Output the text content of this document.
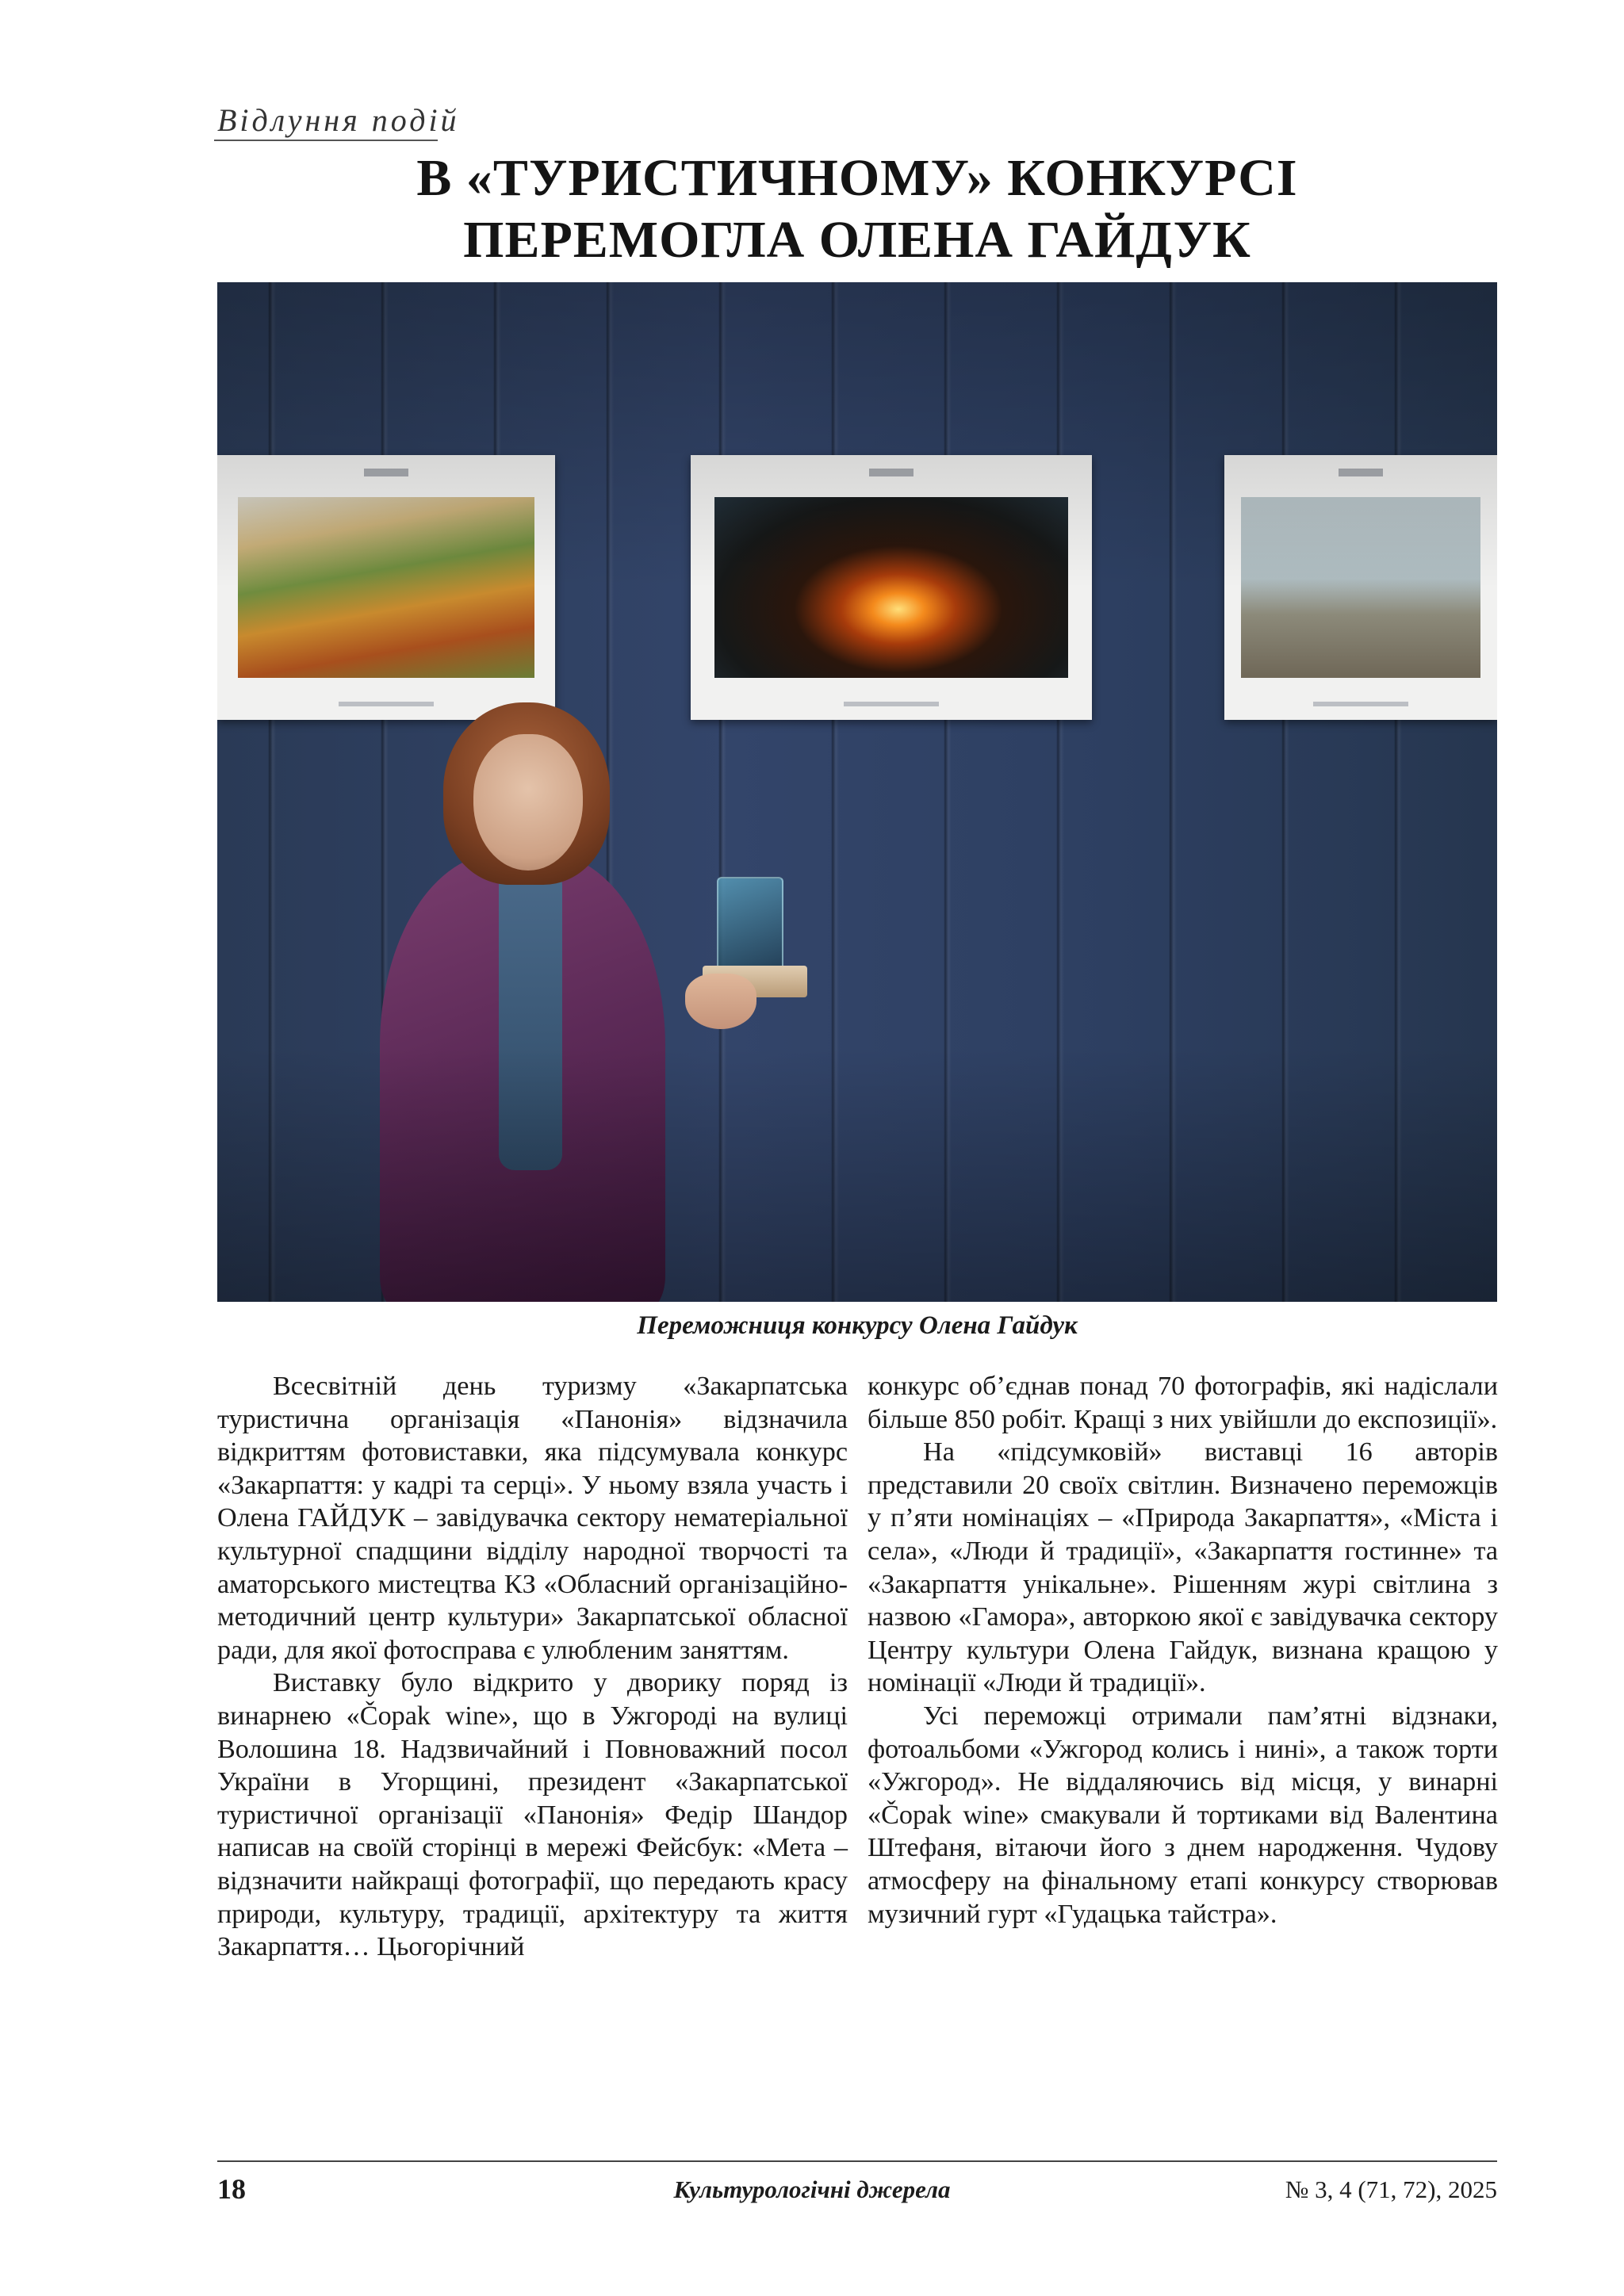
Відлуння подій
В «ТУРИСТИЧНОМУ» КОНКУРСІ
ПЕРЕМОГЛА ОЛЕНА ГАЙДУК
Переможниця конкурсу Олена Гайдук

Всесвітній день туризму «Закарпатська туристична організація «Панонія» відзначила відкриттям фотовиставки, яка підсумувала конкурс «Закарпаття: у кадрі та серці». У ньому взяла участь і Олена ГАЙДУК – завідувачка сектору нематеріальної культурної спадщини відділу народної творчості та аматорського мистецтва КЗ «Обласний організаційно-методичний центр культури» Закарпатської обласної ради, для якої фотосправа є улюбленим заняттям.

Виставку було відкрито у дворику поряд із винарнею «Čopak wine», що в Ужгороді на вулиці Волошина 18. Надзвичайний і Повноважний посол України в Угорщині, президент «Закарпатської туристичної організації «Панонія» Федір Шандор написав на своїй сторінці в мережі Фейсбук: «Мета – відзначити найкращі фотографії, що передають красу природи, культуру, традиції, архітектуру та життя Закарпаття… Цьогорічний

конкурс об’єднав понад 70 фотографів, які надіслали більше 850 робіт. Кращі з них увійшли до експозиції».

На «підсумковій» виставці 16 авторів представили 20 своїх світлин. Визначено переможців у п’яти номінаціях – «Природа Закарпаття», «Міста і села», «Люди й традиції», «Закарпаття гостинне» та «Закарпаття унікальне». Рішенням журі світлина з назвою «Гамора», авторкою якої є завідувачка сектору Центру культури Олена Гайдук, визнана кращою у номінації «Люди й традиції».

Усі переможці отримали пам’ятні відзнаки, фотоальбоми «Ужгород колись і нині», а також торти «Ужгород». Не віддаляючись від місця, у винарні «Čopak wine» смакували й тортиками від Валентина Штефаня, вітаючи його з днем народження. Чудову атмосферу на фінальному етапі конкурсу створював музичний гурт «Гудацька тайстра».

18	Культурологічні джерела	№ 3, 4 (71, 72), 2025
